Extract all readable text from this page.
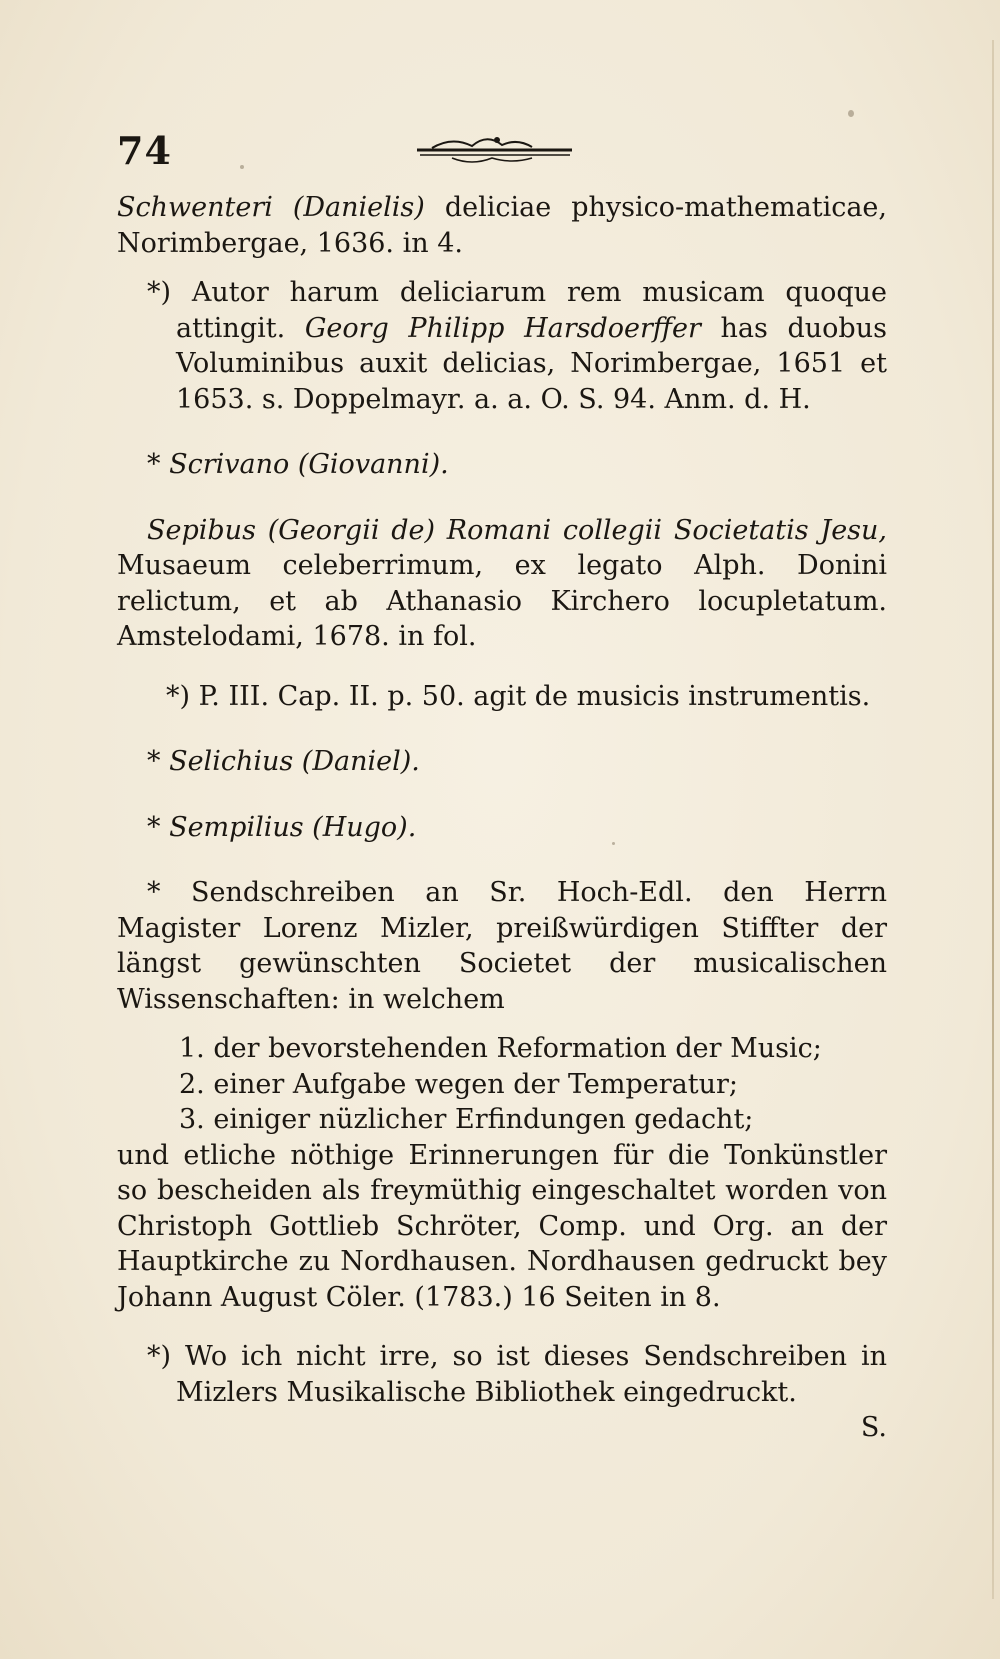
74

Schwenteri (Danielis) deliciae physico-mathematicae, Norimbergae, 1636. in 4.

*) Autor harum deliciarum rem musicam quoque attingit. Georg Philipp Harsdoerffer has duobus Voluminibus auxit delicias, Norimbergae, 1651 et 1653. s. Doppelmayr. a. a. O. S. 94. Anm. d. H.

* Scrivano (Giovanni).

Sepibus (Georgii de) Romani collegii Societatis Jesu, Musaeum celeberrimum, ex legato Alph. Donini relictum, et ab Athanasio Kirchero locupletatum. Amstelodami, 1678. in fol.

*) P. III. Cap. II. p. 50. agit de musicis instrumentis.

* Selichius (Daniel).

* Sempilius (Hugo).

* Sendschreiben an Sr. Hoch-Edl. den Herrn Magister Lorenz Mizler, preißwürdigen Stiffter der längst gewünschten Societet der musicalischen Wissenschaften: in welchem

1. der bevorstehenden Reformation der Music;

2. einer Aufgabe wegen der Temperatur;

3. einiger nüzlicher Erfindungen gedacht;

und etliche nöthige Erinnerungen für die Tonkünstler so bescheiden als freymüthig eingeschaltet worden von Christoph Gottlieb Schröter, Comp. und Org. an der Hauptkirche zu Nordhausen. Nordhausen gedruckt bey Johann August Cöler. (1783.) 16 Seiten in 8.

*) Wo ich nicht irre, so ist dieses Sendschreiben in Mizlers Musikalische Bibliothek eingedruckt.

S.
